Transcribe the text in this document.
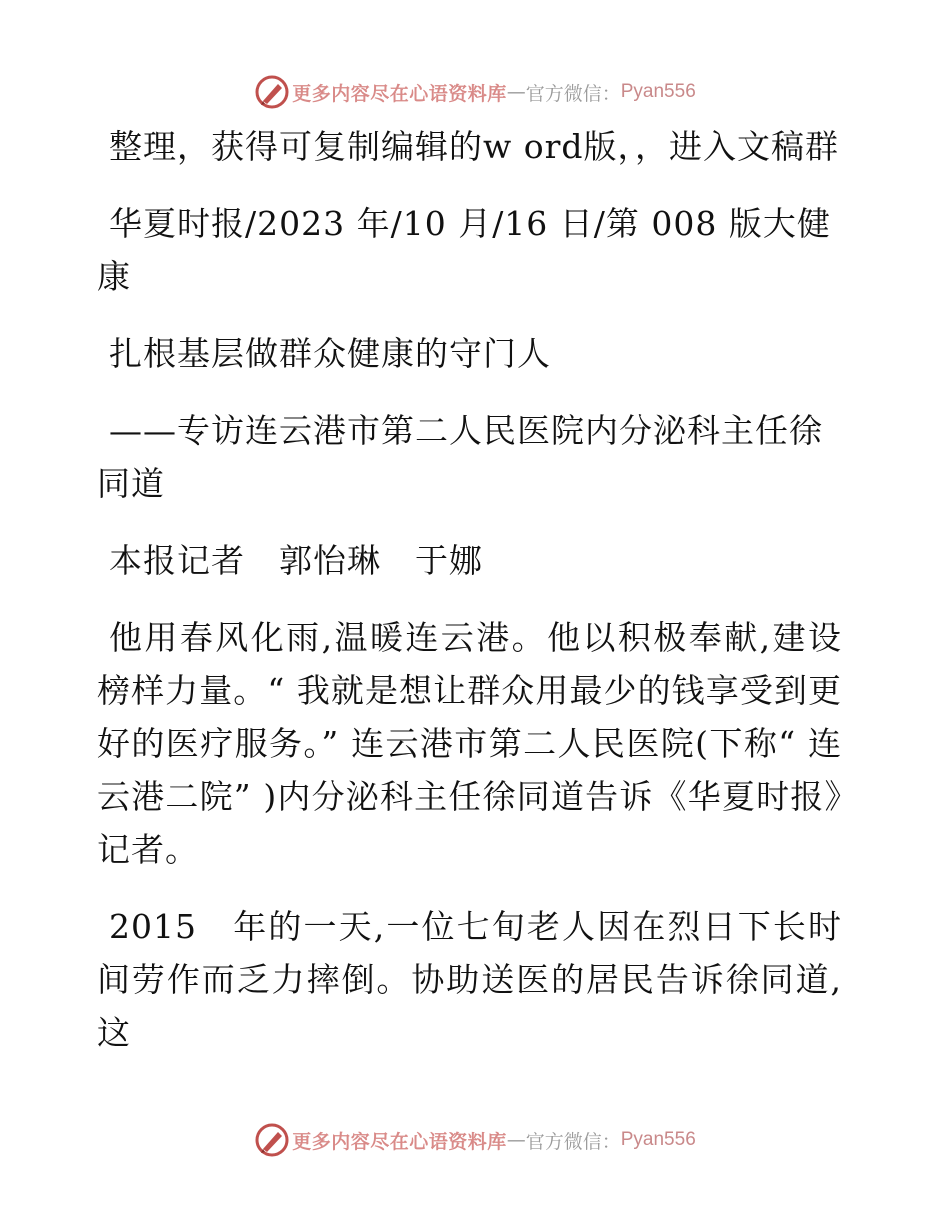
更多内容尽在心语资料库 — 官方微信： Pyan556

整理，获得可复制编辑的w ord版，，进入文稿群

华夏时报/2023 年/10 月/16 日/第 008 版大健康

扎根基层做群众健康的守门人

——专访连云港市第二人民医院内分泌科主任徐同道

本报记者　郭怡琳　于娜

他用春风化雨,温暖连云港。他以积极奉献,建设榜样力量。“ 我就是想让群众用最少的钱享受到更好的医疗服务。” 连云港市第二人民医院(下称“ 连云港二院” )内分泌科主任徐同道告诉《华夏时报》记者。

2015　年的一天,一位七旬老人因在烈日下长时间劳作而乏力摔倒。协助送医的居民告诉徐同道,这

更多内容尽在心语资料库 — 官方微信： Pyan556
